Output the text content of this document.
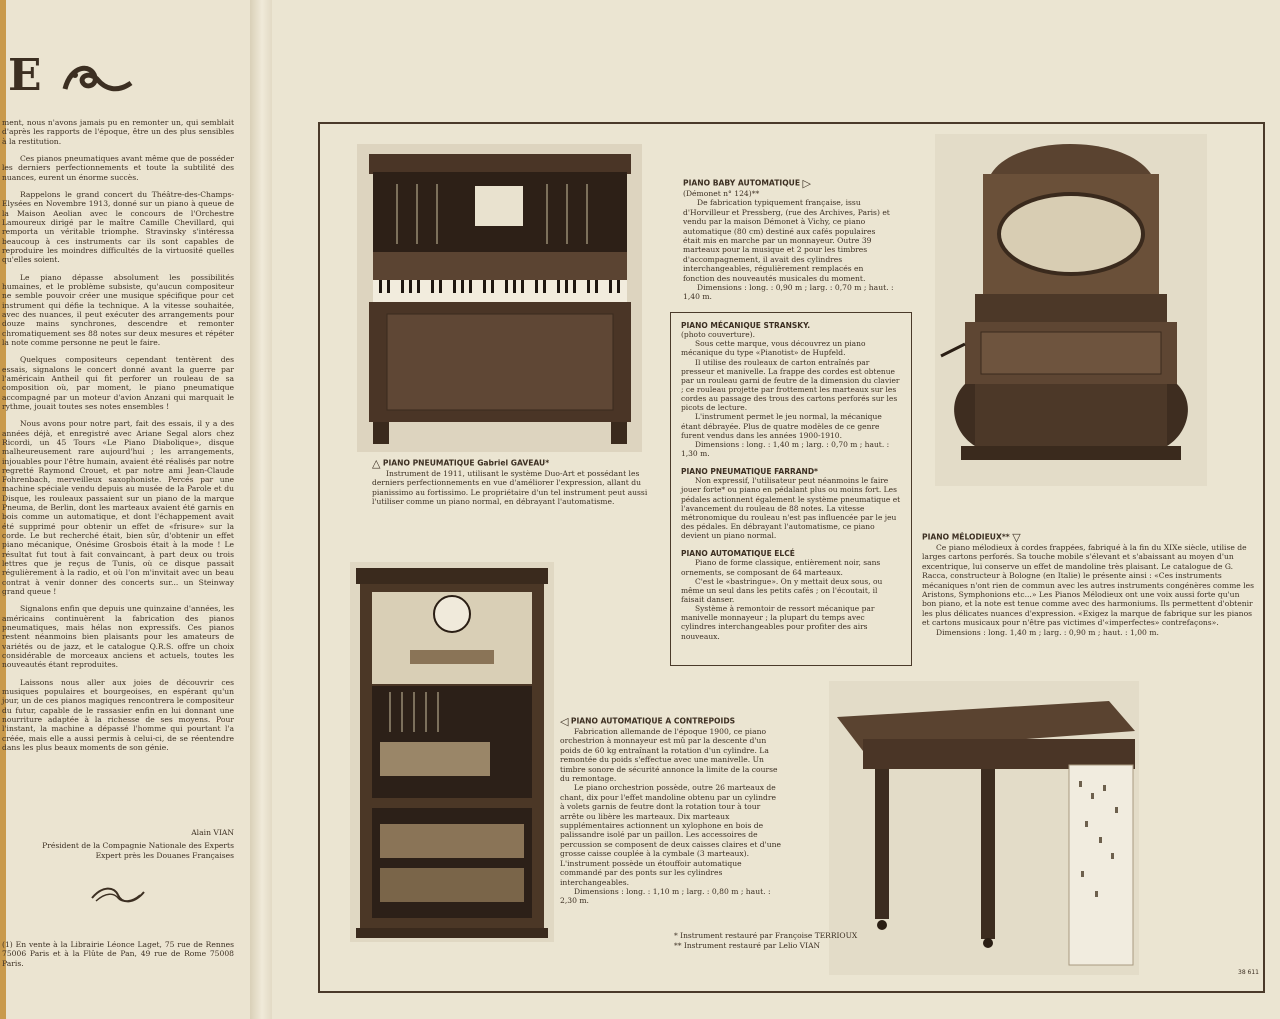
E

ment, nous n'avons jamais pu en remonter un, qui semblait d'après les rapports de l'époque, être un des plus sensibles à la restitution.

Ces pianos pneumatiques avant même que de posséder les derniers perfectionnements et toute la subtilité des nuances, eurent un énorme succès.

Rappelons le grand concert du Théâtre-des-Champs-Elysées en Novembre 1913, donné sur un piano à queue de la Maison Aeolian avec le concours de l'Orchestre Lamoureux dirigé par le maître Camille Chevillard, qui remporta un véritable triomphe. Stravinsky s'intéressa beaucoup à ces instruments car ils sont capables de reproduire les moindres difficultés de la virtuosité quelles qu'elles soient.

Le piano dépasse absolument les possibilités humaines, et le problème subsiste, qu'aucun compositeur ne semble pouvoir créer une musique spécifique pour cet instrument qui défie la technique. A la vitesse souhaitée, avec des nuances, il peut exécuter des arrangements pour douze mains synchrones, descendre et remonter chromatiquement ses 88 notes sur deux mesures et répéter la note comme personne ne peut le faire.

Quelques compositeurs cependant tentèrent des essais, signalons le concert donné avant la guerre par l'américain Antheil qui fit perforer un rouleau de sa composition où, par moment, le piano pneumatique accompagné par un moteur d'avion Anzani qui marquait le rythme, jouait toutes ses notes ensembles !

Nous avons pour notre part, fait des essais, il y a des années déjà, et enregistré avec Ariane Segal alors chez Ricordi, un 45 Tours «Le Piano Diabolique», disque malheureusement rare aujourd'hui ; les arrangements, injouables pour l'être humain, avaient été réalisés par notre regretté Raymond Crouet, et par notre ami Jean-Claude Fohrenbach, merveilleux saxophoniste. Percés par une machine spéciale vendu depuis au musée de la Parole et du Disque, les rouleaux passaient sur un piano de la marque Pneuma, de Berlin, dont les marteaux avaient été garnis en bois comme un automatique, et dont l'échappement avait été supprimé pour obtenir un effet de «frisure» sur la corde. Le but recherché était, bien sûr, d'obtenir un effet piano mécanique, Onésime Grosbois était à la mode ! Le résultat fut tout à fait convaincant, à part deux ou trois lettres que je reçus de Tunis, où ce disque passait régulièrement à la radio, et où l'on m'invitait avec un beau contrat à venir donner des concerts sur... un Steinway grand queue !

Signalons enfin que depuis une quinzaine d'années, les américains continuèrent la fabrication des pianos pneumatiques, mais hélas non expressifs. Ces pianos restent néanmoins bien plaisants pour les amateurs de variétés ou de jazz, et le catalogue Q.R.S. offre un choix considérable de morceaux anciens et actuels, toutes les nouveautés étant reproduites.

Laissons nous aller aux joies de découvrir ces musiques populaires et bourgeoises, en espérant qu'un jour, un de ces pianos magiques rencontrera le compositeur du futur, capable de le rassasier enfin en lui donnant une nourriture adaptée à la richesse de ses moyens. Pour l'instant, la machine a dépassé l'homme qui pourtant l'a créée, mais elle a aussi permis à celui-ci, de se réentendre dans les plus beaux moments de son génie.

Alain VIAN
Président de la Compagnie Nationale des Experts
Expert près les Douanes Françaises
(1) En vente à la Librairie Léonce Laget, 75 rue de Rennes 75006 Paris et à la Flûte de Pan, 49 rue de Rome 75008 Paris.
△ PIANO PNEUMATIQUE Gabriel GAVEAU*

Instrument de 1911, utilisant le système Duo-Art et possédant les derniers perfectionnements en vue d'améliorer l'expression, allant du pianissimo au fortissimo. Le propriétaire d'un tel instrument peut aussi l'utiliser comme un piano normal, en débrayant l'automatisme.

PIANO BABY AUTOMATIQUE ▷

(Démonet n° 124)**

De fabrication typiquement française, issu d'Horvilleur et Pressberg, (rue des Archives, Paris) et vendu par la maison Démonet à Vichy, ce piano automatique (80 cm) destiné aux cafés populaires était mis en marche par un monnayeur. Outre 39 marteaux pour la musique et 2 pour les timbres d'accompagnement, il avait des cylindres interchangeables, régulièrement remplacés en fonction des nouveautés musicales du moment.

Dimensions : long. : 0,90 m ; larg. : 0,70 m ; haut. : 1,40 m.

PIANO MÉCANIQUE STRANSKY.

(photo couverture).

Sous cette marque, vous découvrez un piano mécanique du type «Pianotist» de Hupfeld.

Il utilise des rouleaux de carton entraînés par presseur et manivelle. La frappe des cordes est obtenue par un rouleau garni de feutre de la dimension du clavier ; ce rouleau projette par frottement les marteaux sur les cordes au passage des trous des cartons perforés sur les picots de lecture.

L'instrument permet le jeu normal, la mécanique étant débrayée. Plus de quatre modèles de ce genre furent vendus dans les années 1900-1910.

Dimensions : long. : 1,40 m ; larg. : 0,70 m ; haut. : 1,30 m.

PIANO PNEUMATIQUE FARRAND*

Non expressif, l'utilisateur peut néanmoins le faire jouer forte* ou piano en pédalant plus ou moins fort. Les pédales actionnent également le système pneumatique et l'avancement du rouleau de 88 notes. La vitesse métronomique du rouleau n'est pas influencée par le jeu des pédales. En débrayant l'automatisme, ce piano devient un piano normal.

PIANO AUTOMATIQUE ELCÉ

Piano de forme classique, entièrement noir, sans ornements, se composant de 64 marteaux.

C'est le «bastringue». On y mettait deux sous, ou même un seul dans les petits cafés ; on l'écoutait, il faisait danser.

Système à remontoir de ressort mécanique par manivelle monnayeur ; la plupart du temps avec cylindres interchangeables pour profiter des airs nouveaux.

PIANO MÉLODIEUX** ▽

Ce piano mélodieux à cordes frappées, fabriqué à la fin du XIXe siècle, utilise de larges cartons perforés. Sa touche mobile s'élevant et s'abaissant au moyen d'un excentrique, lui conserve un effet de mandoline très plaisant. Le catalogue de G. Racca, constructeur à Bologne (en Italie) le présente ainsi : «Ces instruments mécaniques n'ont rien de commun avec les autres instruments congénères comme les Aristons, Symphonions etc...» Les Pianos Mélodieux ont une voix aussi forte qu'un bon piano, et la note est tenue comme avec des harmoniums. Ils permettent d'obtenir les plus délicates nuances d'expression. «Exigez la marque de fabrique sur les pianos et cartons musicaux pour n'être pas victimes d'«imperfectes» contrefaçons».

Dimensions : long. 1,40 m ; larg. : 0,90 m ; haut. : 1,00 m.

◁ PIANO AUTOMATIQUE A CONTREPOIDS

Fabrication allemande de l'époque 1900, ce piano orchestrion à monnayeur est mû par la descente d'un poids de 60 kg entraînant la rotation d'un cylindre. La remontée du poids s'effectue avec une manivelle. Un timbre sonore de sécurité annonce la limite de la course du remontage.

Le piano orchestrion possède, outre 26 marteaux de chant, dix pour l'effet mandoline obtenu par un cylindre à volets garnis de feutre dont la rotation tour à tour arrête ou libère les marteaux. Dix marteaux supplémentaires actionnent un xylophone en bois de palissandre isolé par un paillon. Les accessoires de percussion se composent de deux caisses claires et d'une grosse caisse couplée à la cymbale (3 marteaux). L'instrument possède un étouffoir automatique commandé par des ponts sur les cylindres interchangeables.

Dimensions : long. : 1,10 m ; larg. : 0,80 m ; haut. : 2,30 m.

* Instrument restauré par Françoise TERRIOUX
** Instrument restauré par Lelio VIAN
38 611
